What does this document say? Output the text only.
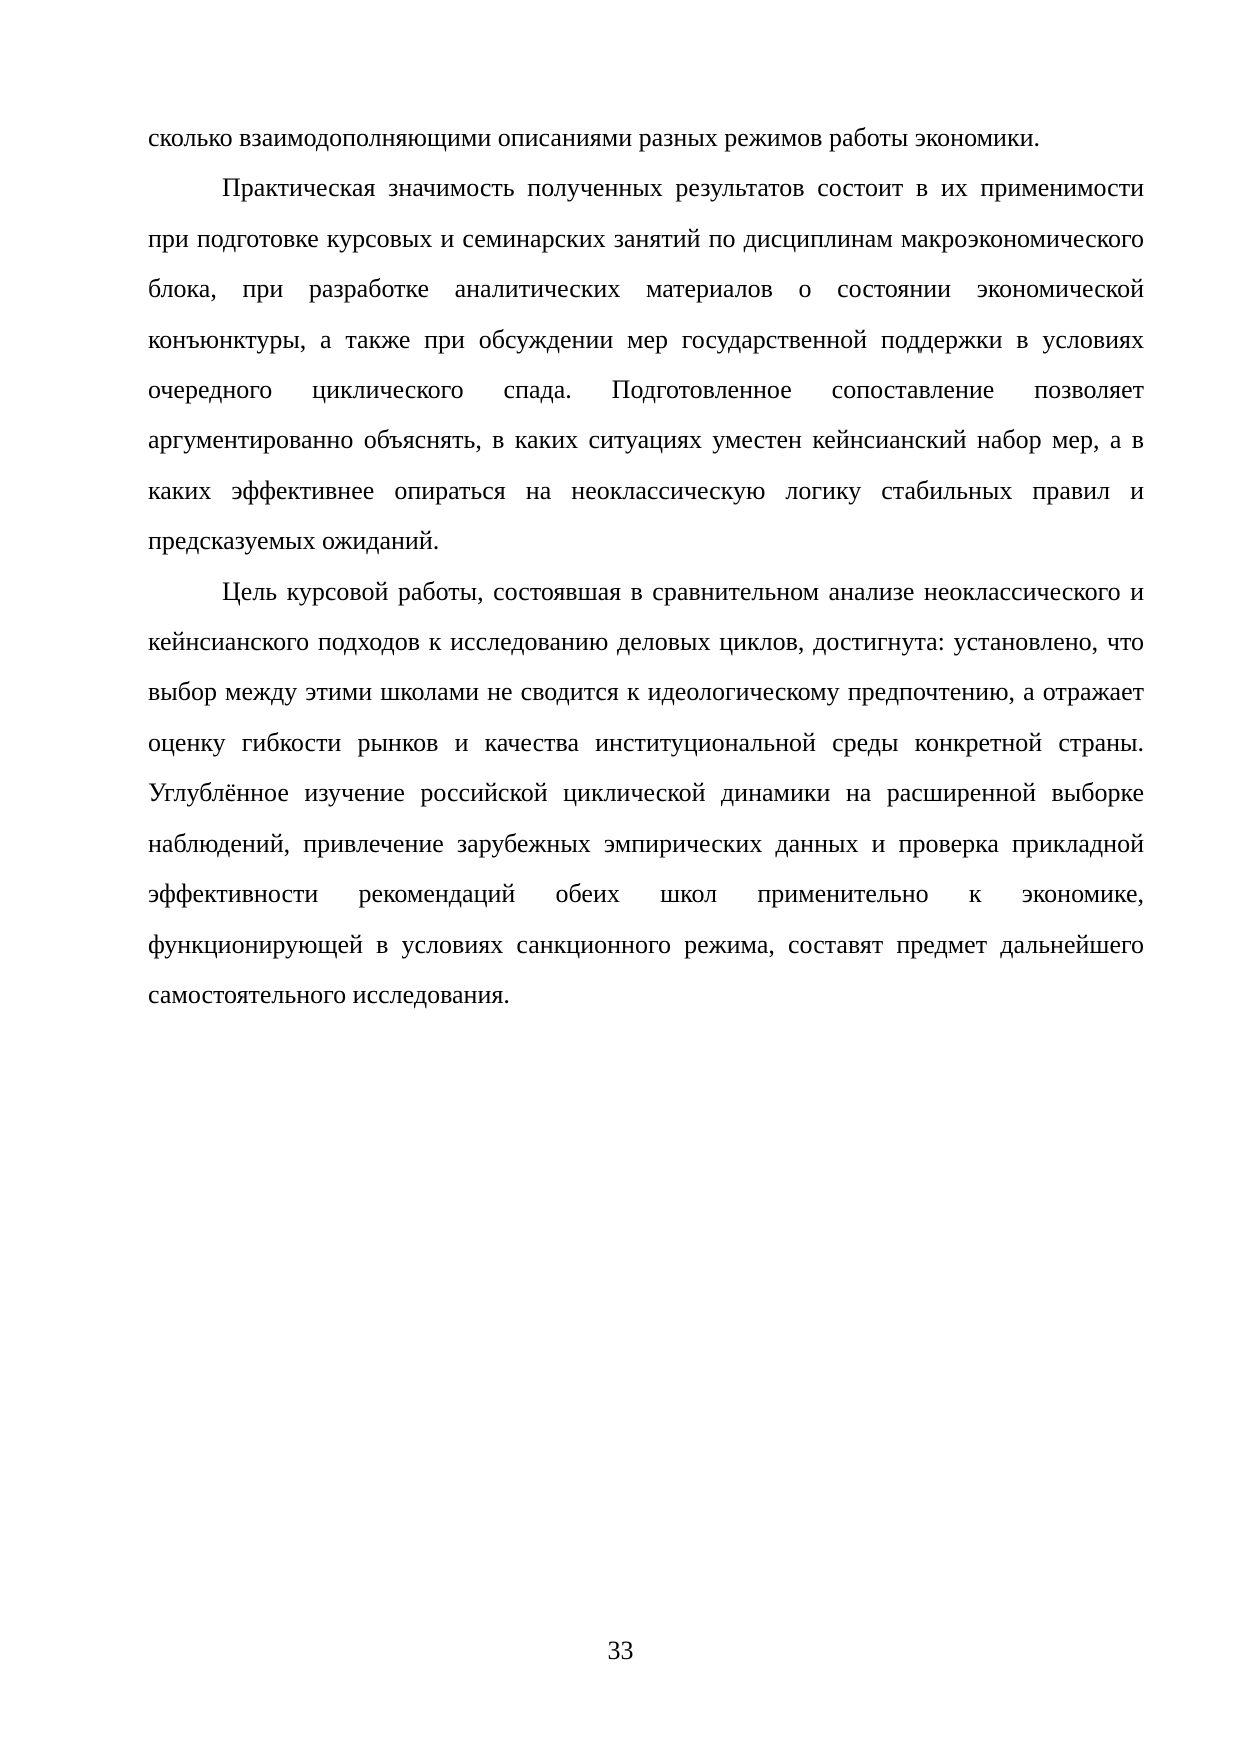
сколько взаимодополняющими описаниями разных режимов работы экономики.

Практическая значимость полученных результатов состоит в их применимости при подготовке курсовых и семинарских занятий по дисциплинам макроэкономического блока, при разработке аналитических материалов о состоянии экономической конъюнктуры, а также при обсуждении мер государственной поддержки в условиях очередного циклического спада. Подготовленное сопоставление позволяет аргументированно объяснять, в каких ситуациях уместен кейнсианский набор мер, а в каких эффективнее опираться на неоклассическую логику стабильных правил и предсказуемых ожиданий.

Цель курсовой работы, состоявшая в сравнительном анализе неоклассического и кейнсианского подходов к исследованию деловых циклов, достигнута: установлено, что выбор между этими школами не сводится к идеологическому предпочтению, а отражает оценку гибкости рынков и качества институциональной среды конкретной страны. Углублённое изучение российской циклической динамики на расширенной выборке наблюдений, привлечение зарубежных эмпирических данных и проверка прикладной эффективности рекомендаций обеих школ применительно к экономике, функционирующей в условиях санкционного режима, составят предмет дальнейшего самостоятельного исследования.

33
